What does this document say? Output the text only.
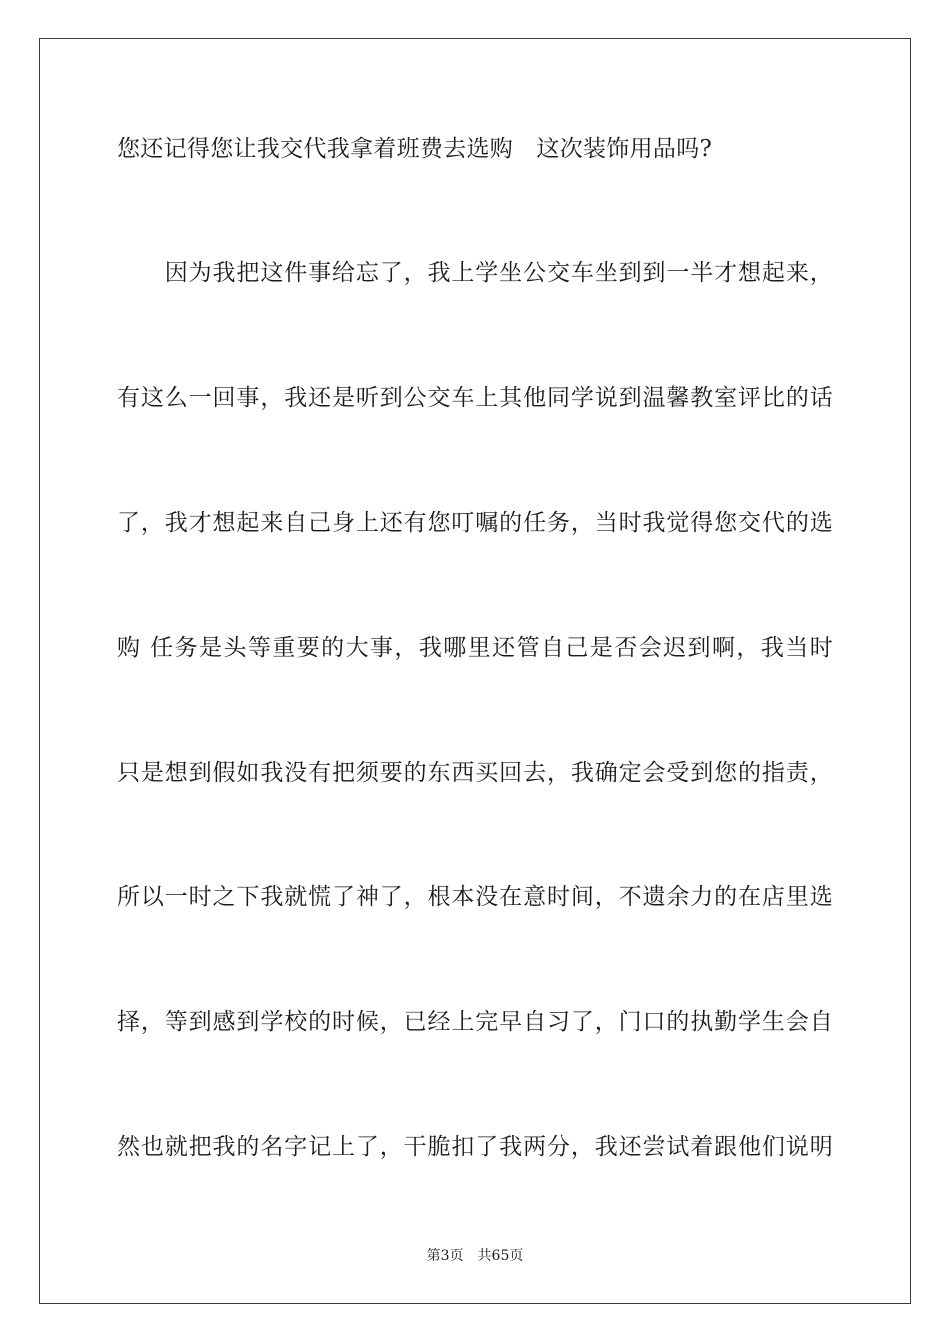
您还记得您让我交代我拿着班费去选购　这次装饰用品吗?
　　因为我把这件事给忘了，我上学坐公交车坐到到一半才想起来，
有这么一回事，我还是听到公交车上其他同学说到温馨教室评比的话
了，我才想起来自己身上还有您叮嘱的任务，当时我觉得您交代的选
购 任务是头等重要的大事，我哪里还管自己是否会迟到啊，我当时
只是想到假如我没有把须要的东西买回去，我确定会受到您的指责，
所以一时之下我就慌了神了，根本没在意时间，不遗余力的在店里选
择，等到感到学校的时候，已经上完早自习了，门口的执勤学生会自
然也就把我的名字记上了，干脆扣了我两分，我还尝试着跟他们说明
第3页　共65页
